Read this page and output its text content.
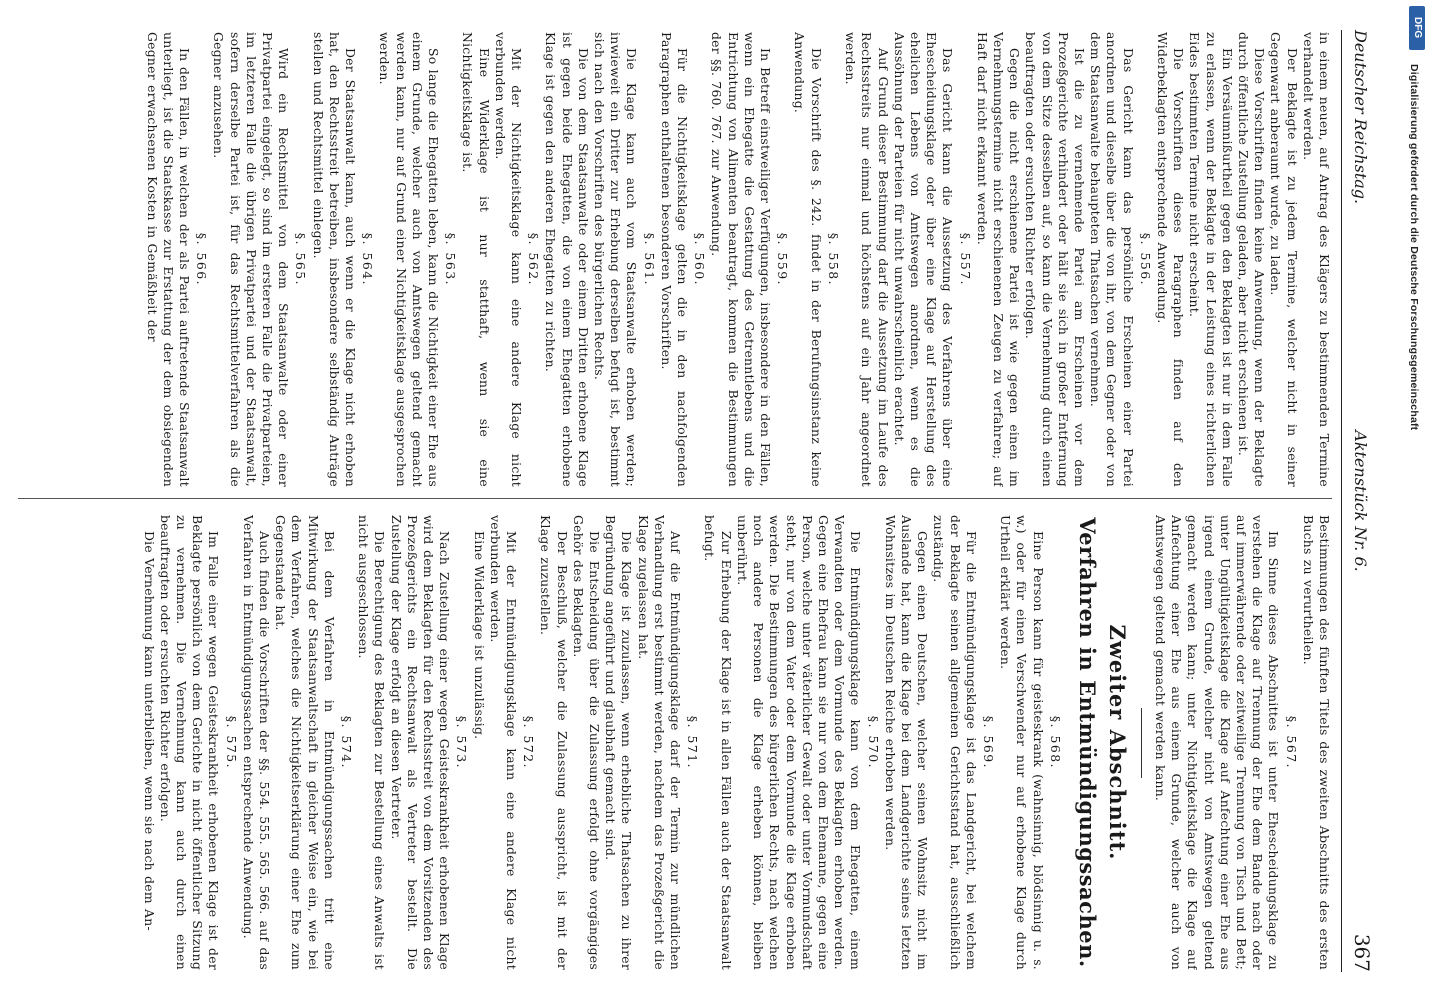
Deutscher Reichstag.
Aktenstück Nr. 6.
367

in einem neuen, auf Antrag des Klägers zu bestimmenden Termine verhandelt werden.

Der Beklagte ist zu jedem Termine, welcher nicht in seiner Gegenwart anberaumt wurde, zu laden.

Diese Vorschriften finden keine Anwendung, wenn der Beklagte durch öffentliche Zustellung geladen, aber nicht erschienen ist.

Ein Versäumnißurtheil gegen den Beklagten ist nur in dem Falle zu erlassen, wenn der Beklagte in der Leistung eines richterlichen Eides bestimmten Termine nicht erscheint.

Die Vorschriften dieses Paragraphen finden auf den Widerbeklagten entsprechende Anwendung.

§. 556.

Das Gericht kann das persönliche Erscheinen einer Partei anordnen und dieselbe über die von ihr, von dem Gegner oder von dem Staatsanwalte behaupteten Thatsachen vernehmen.

Ist die zu vernehmende Partei am Erscheinen vor dem Prozeßgerichte verhindert oder hält sie sich in großer Entfernung von dem Sitze desselben auf, so kann die Vernehmung durch einen beauftragten oder ersuchten Richter erfolgen.

Gegen die nicht erschienene Partei ist wie gegen einen im Vernehmungstermine nicht erschienenen Zeugen zu verfahren; auf Haft darf nicht erkannt werden.

§. 557.

Das Gericht kann die Aussetzung des Verfahrens über eine Ehescheidungsklage oder über eine Klage auf Herstellung des ehelichen Lebens von Amtswegen anordnen, wenn es die Aussöhnung der Parteien für nicht unwahrscheinlich erachtet.

Auf Grund dieser Bestimmung darf die Aussetzung im Laufe des Rechtsstreits nur einmal und höchstens auf ein Jahr angeordnet werden.

§. 558.

Die Vorschrift des §. 242. findet in der Berufungsinstanz keine Anwendung.

§. 559.

In Betreff einstweiliger Verfügungen, insbesondere in den Fällen, wenn ein Ehegatte die Gestattung des Getrenntlebens und die Entrichtung von Alimenten beantragt, kommen die Bestimmungen der §§. 760. 767. zur Anwendung.

§. 560.

Für die Nichtigkeitsklage gelten die in den nachfolgenden Paragraphen enthaltenen besonderen Vorschriften.

§. 561.

Die Klage kann auch vom Staatsanwalte erhoben werden; inwieweit ein Dritter zur Erhebung derselben befugt ist, bestimmt sich nach den Vorschriften des bürgerlichen Rechts.

Die von dem Staatsanwalte oder einem Dritten erhobene Klage ist gegen beide Ehegatten, die von einem Ehegatten erhobene Klage ist gegen den anderen Ehegatten zu richten.

§. 562.

Mit der Nichtigkeitsklage kann eine andere Klage nicht verbunden werden.

Eine Widerklage ist nur statthaft, wenn sie eine Nichtigkeitsklage ist.

§. 563.

So lange die Ehegatten leben, kann die Nichtigkeit einer Ehe aus einem Grunde, welcher auch von Amtswegen geltend gemacht werden kann, nur auf Grund einer Nichtigkeitsklage ausgesprochen werden.

§. 564.

Der Staatsanwalt kann, auch wenn er die Klage nicht erhoben hat, den Rechtsstreit betreiben, insbesondere selbständig Anträge stellen und Rechtsmittel einlegen.

§. 565.

Wird ein Rechtsmittel von dem Staatsanwalte oder einer Privatpartei eingelegt, so sind im ersteren Falle die Privatparteien, im letzteren Falle die übrigen Privatpartei und der Staatsanwalt, sofern derselbe Partei ist, für das Rechtsmittelverfahren als die Gegner anzusehen.

§. 566.

In den Fällen, in welchen der als Partei auftretende Staatsanwalt unterliegt, ist die Staatskasse zur Erstattung der dem obsiegenden Gegner erwachsenen Kosten in Gemäßheit der

Bestimmungen des fünften Titels des zweiten Abschnitts des ersten Buchs zu verurtheilen.

§. 567.

Im Sinne dieses Abschnittes ist unter Ehescheidungsklage zu verstehen die Klage auf Trennung der Ehe dem Bande nach oder auf immerwährende oder zeitweilige Trennung von Tisch und Bett; unter Ungültigkeitsklage die Klage auf Anfechtung einer Ehe aus irgend einem Grunde, welcher nicht von Amtswegen geltend gemacht werden kann; unter Nichtigkeitsklage die Klage auf Anfechtung einer Ehe aus einem Grunde, welcher auch von Amtswegen geltend gemacht werden kann.

Zweiter Abschnitt.
Verfahren in Entmündigungssachen.

§. 568.

Eine Person kann für geisteskrank (wahnsinnig, blödsinnig u. s. w.) oder für einen Verschwender nur auf erhobene Klage durch Urtheil erklärt werden.

§. 569.

Für die Entmündigungsklage ist das Landgericht, bei welchem der Beklagte seinen allgemeinen Gerichtsstand hat, ausschließlich zuständig.

Gegen einen Deutschen, welcher seinen Wohnsitz nicht im Auslande hat, kann die Klage bei dem Landgerichte seines letzten Wohnsitzes im Deutschen Reiche erhoben werden.

§. 570.

Die Entmündigungsklage kann von dem Ehegatten, einem Verwandten oder dem Vormunde des Beklagten erhoben werden. Gegen eine Ehefrau kann sie nur von dem Ehemanne, gegen eine Person, welche unter väterlicher Gewalt oder unter Vormundschaft steht, nur von dem Vater oder dem Vormunde die Klage erhoben werden. Die Bestimmungen des bürgerlichen Rechts, nach welchen noch andere Personen die Klage erheben können, bleiben unberührt.

Zur Erhebung der Klage ist in allen Fällen auch der Staatsanwalt befugt.

§. 571.

Auf die Entmündigungsklage darf der Termin zur mündlichen Verhandlung erst bestimmt werden, nachdem das Prozeßgericht die Klage zugelassen hat.

Die Klage ist zuzulassen, wenn erhebliche Thatsachen zu ihrer Begründung angeführt und glaubhaft gemacht sind.

Die Entscheidung über die Zulassung erfolgt ohne vorgängiges Gehör des Beklagten.

Der Beschluß, welcher die Zulassung ausspricht, ist mit der Klage zuzustellen.

§. 572.

Mit der Entmündigungsklage kann eine andere Klage nicht verbunden werden.

Eine Widerklage ist unzulässig.

§. 573.

Nach Zustellung einer wegen Geisteskrankheit erhobenen Klage wird dem Beklagten für den Rechtsstreit von dem Vorsitzenden des Prozeßgerichts ein Rechtsanwalt als Vertreter bestellt. Die Zustellung der Klage erfolgt an diesen Vertreter.

Die Berechtigung des Beklagten zur Bestellung eines Anwalts ist nicht ausgeschlossen.

§. 574.

Bei dem Verfahren in Entmündigungssachen tritt eine Mitwirkung der Staatsanwaltschaft in gleicher Weise ein, wie bei dem Verfahren, welches die Nichtigkeitserklärung einer Ehe zum Gegenstande hat.

Auch finden die Vorschriften der §§. 554. 555. 565. 566. auf das Verfahren in Entmündigungssachen entsprechende Anwendung.

§. 575.

Im Falle einer wegen Geisteskrankheit erhobenen Klage ist der Beklagte persönlich von dem Gerichte in nicht öffentlicher Sitzung zu vernehmen. Die Vernehmung kann auch durch einen beauftragten oder ersuchten Richter erfolgen.

Die Vernehmung kann unterbleiben, wenn sie nach dem An-

DFG
Digitalisierung gefördert durch die Deutsche Forschungsgemeinschaft
